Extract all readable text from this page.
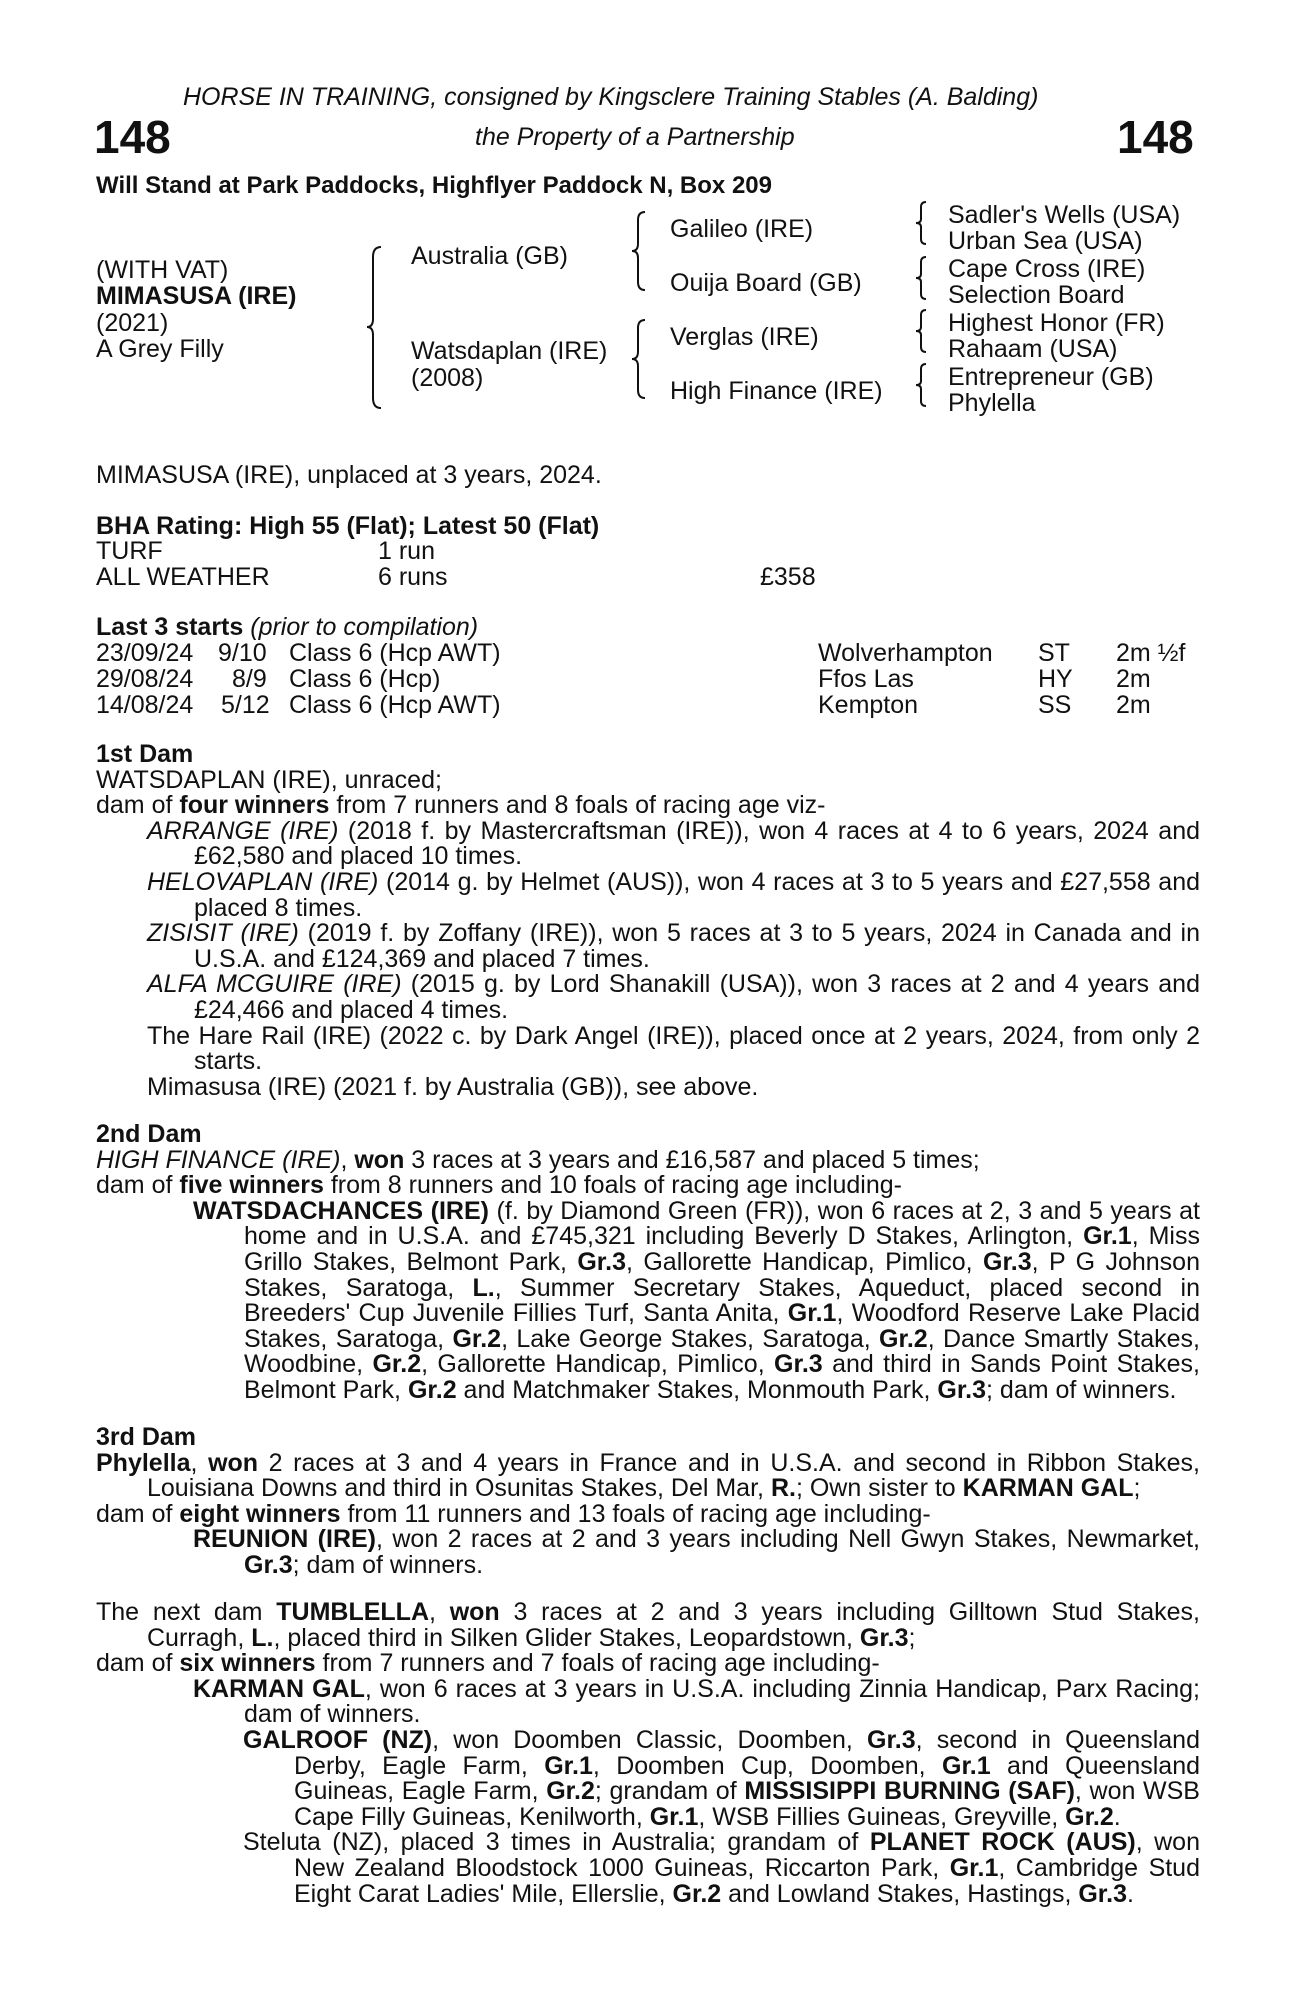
HORSE IN TRAINING, consigned by Kingsclere Training Stables (A. Balding)
148	the Property of a Partnership	148
Will Stand at Park Paddocks, Highflyer Paddock N, Box 209
(WITH VAT)
MIMASUSA (IRE)
(2021)
A Grey Filly
Australia (GB)
Watsdaplan (IRE)
(2008)
Galileo (IRE)
Ouija Board (GB)
Verglas (IRE)
High Finance (IRE)
Sadler's Wells (USA)
Urban Sea (USA)
Cape Cross (IRE)
Selection Board
Highest Honor (FR)
Rahaam (USA)
Entrepreneur (GB)
Phylella
MIMASUSA (IRE), unplaced at 3 years, 2024.
BHA Rating: High 55 (Flat); Latest 50 (Flat)
TURF	1 run
ALL WEATHER	6 runs	£358
Last 3 starts (prior to compilation)
23/09/24 9/10 Class 6 (Hcp AWT)	Wolverhampton ST 2m ½f
29/08/24 8/9 Class 6 (Hcp)	Ffos Las	HY 2m
14/08/24 5/12 Class 6 (Hcp AWT)	Kempton	SS 2m

1st Dam

WATSDAPLAN (IRE), unraced;

dam of four winners from 7 runners and 8 foals of racing age viz-

ARRANGE (IRE) (2018 f. by Mastercraftsman (IRE)), won 4 races at 4 to 6 years, 2024 and £62,580 and placed 10 times.

HELOVAPLAN (IRE) (2014 g. by Helmet (AUS)), won 4 races at 3 to 5 years and £27,558 and placed 8 times.

ZISISIT (IRE) (2019 f. by Zoffany (IRE)), won 5 races at 3 to 5 years, 2024 in Canada and in U.S.A. and £124,369 and placed 7 times.

ALFA MCGUIRE (IRE) (2015 g. by Lord Shanakill (USA)), won 3 races at 2 and 4 years and £24,466 and placed 4 times.

The Hare Rail (IRE) (2022 c. by Dark Angel (IRE)), placed once at 2 years, 2024, from only 2 starts.

Mimasusa (IRE) (2021 f. by Australia (GB)), see above.

2nd Dam

HIGH FINANCE (IRE), won 3 races at 3 years and £16,587 and placed 5 times;

dam of five winners from 8 runners and 10 foals of racing age including-

WATSDACHANCES (IRE) (f. by Diamond Green (FR)), won 6 races at 2, 3 and 5 years at home and in U.S.A. and £745,321 including Beverly D Stakes, Arlington, Gr.1, Miss Grillo Stakes, Belmont Park, Gr.3, Gallorette Handicap, Pimlico, Gr.3, P G Johnson Stakes, Saratoga, L., Summer Secretary Stakes, Aqueduct, placed second in Breeders' Cup Juvenile Fillies Turf, Santa Anita, Gr.1, Woodford Reserve Lake Placid Stakes, Saratoga, Gr.2, Lake George Stakes, Saratoga, Gr.2, Dance Smartly Stakes, Woodbine, Gr.2, Gallorette Handicap, Pimlico, Gr.3 and third in Sands Point Stakes, Belmont Park, Gr.2 and Matchmaker Stakes, Monmouth Park, Gr.3; dam of winners.

3rd Dam

Phylella, won 2 races at 3 and 4 years in France and in U.S.A. and second in Ribbon Stakes, Louisiana Downs and third in Osunitas Stakes, Del Mar, R.; Own sister to KARMAN GAL;

dam of eight winners from 11 runners and 13 foals of racing age including-

REUNION (IRE), won 2 races at 2 and 3 years including Nell Gwyn Stakes, Newmarket, Gr.3; dam of winners.

The next dam TUMBLELLA, won 3 races at 2 and 3 years including Gilltown Stud Stakes, Curragh, L., placed third in Silken Glider Stakes, Leopardstown, Gr.3;

dam of six winners from 7 runners and 7 foals of racing age including-

KARMAN GAL, won 6 races at 3 years in U.S.A. including Zinnia Handicap, Parx Racing; dam of winners.

GALROOF (NZ), won Doomben Classic, Doomben, Gr.3, second in Queensland Derby, Eagle Farm, Gr.1, Doomben Cup, Doomben, Gr.1 and Queensland Guineas, Eagle Farm, Gr.2; grandam of MISSISIPPI BURNING (SAF), won WSB Cape Filly Guineas, Kenilworth, Gr.1, WSB Fillies Guineas, Greyville, Gr.2.

Steluta (NZ), placed 3 times in Australia; grandam of PLANET ROCK (AUS), won New Zealand Bloodstock 1000 Guineas, Riccarton Park, Gr.1, Cambridge Stud Eight Carat Ladies' Mile, Ellerslie, Gr.2 and Lowland Stakes, Hastings, Gr.3.
